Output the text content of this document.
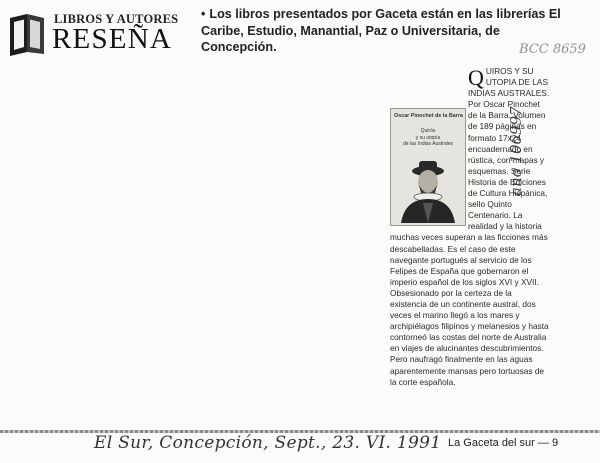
LIBROS Y AUTORES
RESEÑA
• Los libros presentados por Gaceta están en las librerías El Caribe, Estudio, Manantial, Paz o Universitaria, de Concepción.	BCC 8659
ano 106997
Q UIROS Y SU UTOPIA DE LAS INDIAS AUSTRALES. Por Oscar Pinochet de la Barra. Volumen de 189 páginas en formato 17x24 encuadernado en rústica, con mapas y esquemas. Serie Historia de Ediciones de Cultura Hispánica, sello Quinto Centenario. La realidad y la historia muchas veces superan a las ficciones más descabelladas. Es el caso de este navegante portugués al servicio de los Felipes de España que gobernaron el imperio español de los siglos XVI y XVII. Obsesionado por la certeza de la existencia de un continente austral, dos veces el marino llegó a los mares y archipiélagos filipinos y melanesios y hasta contorneó las costas del norte de Australia en viajes de alucinantes descubrimientos. Pero naufragó finalmente en las aguas aparentemente mansas pero tortuosas de la corte española.
Oscar Pinochet de la Barra
Quirós
y su utopía
de las Indias Australes
El Sur, Concepción, Sept., 23. VI. 1991 La Gaceta del sur — 9
